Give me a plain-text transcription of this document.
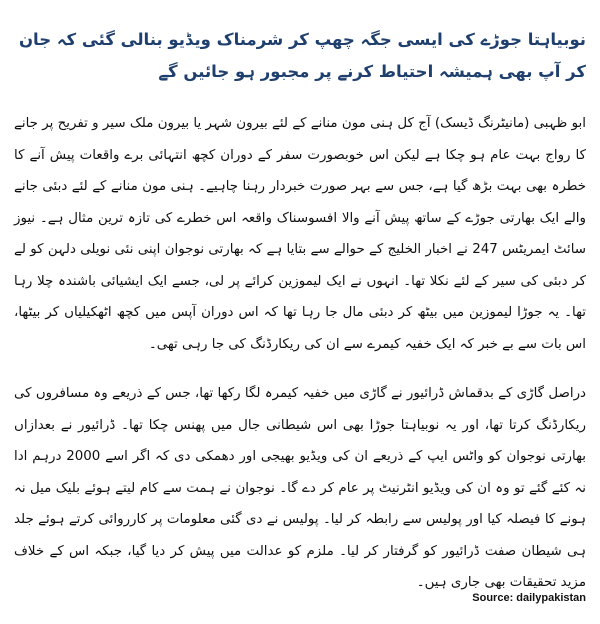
نوبیاہتا جوڑے کی ایسی جگہ چھپ کر شرمناک ویڈیو بنالی گئی کہ جان کر آپ بھی ہمیشہ احتیاط کرنے پر مجبور ہو جائیں گے

ابو ظہبی (مانیٹرنگ ڈیسک) آج کل ہنی مون منانے کے لئے بیرون شہر یا بیرون ملک سیر و تفریح پر جانے کا رواج بہت عام ہو چکا ہے لیکن اس خوبصورت سفر کے دوران کچھ انتہائی برے واقعات پیش آنے کا خطرہ بھی بہت بڑھ گیا ہے، جس سے بہر صورت خبردار رہنا چاہیے۔ ہنی مون منانے کے لئے دبئی جانے والے ایک بھارتی جوڑے کے ساتھ پیش آنے والا افسوسناک واقعہ اس خطرے کی تازہ ترین مثال ہے۔ نیوز سائٹ ایمریٹس 247 نے اخبار الخلیج کے حوالے سے بتایا ہے کہ بھارتی نوجوان اپنی نئی نویلی دلہن کو لے کر دبئی کی سیر کے لئے نکلا تھا۔ انہوں نے ایک لیموزین کرائے پر لی، جسے ایک ایشیائی باشندہ چلا رہا تھا۔ یہ جوڑا لیموزین میں بیٹھ کر دبئی مال جا رہا تھا کہ اس دوران آپس میں کچھ اٹھکیلیاں کر بیٹھا، اس بات سے بے خبر کہ ایک خفیہ کیمرے سے ان کی ریکارڈنگ کی جا رہی تھی۔

دراصل گاڑی کے بدقماش ڈرائیور نے گاڑی میں خفیہ کیمرہ لگا رکھا تھا، جس کے ذریعے وہ مسافروں کی ریکارڈنگ کرتا تھا، اور یہ نوبیاہتا جوڑا بھی اس شیطانی جال میں پھنس چکا تھا۔ ڈرائیور نے بعدازاں بھارتی نوجوان کو واٹس ایپ کے ذریعے ان کی ویڈیو بھیجی اور دھمکی دی کہ اگر اسے 2000 درہم ادا نہ کئے گئے تو وہ ان کی ویڈیو انٹرنیٹ پر عام کر دے گا۔ نوجوان نے ہمت سے کام لیتے ہوئے بلیک میل نہ ہونے کا فیصلہ کیا اور پولیس سے رابطہ کر لیا۔ پولیس نے دی گئی معلومات پر کارروائی کرتے ہوئے جلد ہی شیطان صفت ڈرائیور کو گرفتار کر لیا۔ ملزم کو عدالت میں پیش کر دیا گیا، جبکہ اس کے خلاف مزید تحقیقات بھی جاری ہیں۔

Source: dailypakistan
